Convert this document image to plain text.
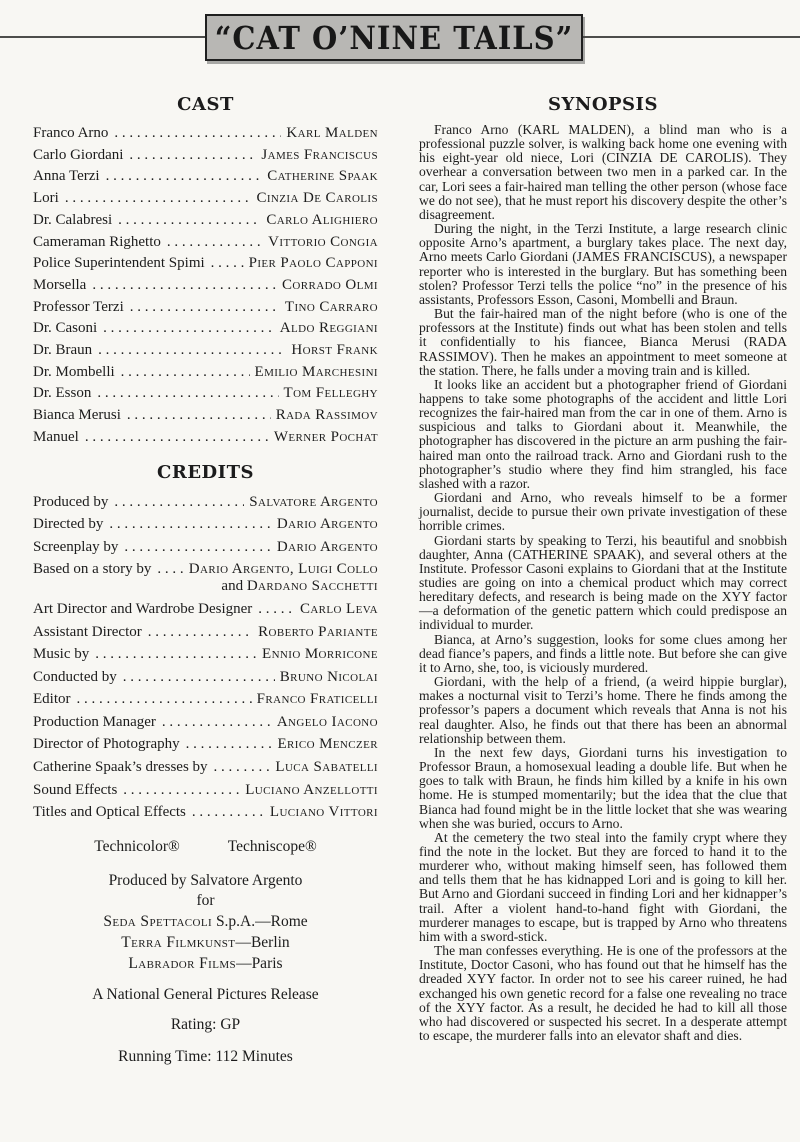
“CAT O’NINE TAILS”
CAST
Franco Arno . . .	Karl Malden
Carlo Giordani . . .	James Franciscus
Anna Terzi . . .	Catherine Spaak
Lori . . .	Cinzia De Carolis
Dr. Calabresi . . .	Carlo Alighiero
Cameraman Righetto . . .	Vittorio Congia
Police Superintendent Spimi . . .	Pier Paolo Capponi
Morsella . . .	Corrado Olmi
Professor Terzi . . .	Tino Carraro
Dr. Casoni . . .	Aldo Reggiani
Dr. Braun . . .	Horst Frank
Dr. Mombelli . . .	Emilio Marchesini
Dr. Esson . . .	Tom Felleghy
Bianca Merusi . . .	Rada Rassimov
Manuel . . .	Werner Pochat
CREDITS
Produced by . . .	Salvatore Argento
Directed by . . .	Dario Argento
Screenplay by . . .	Dario Argento
Based on a story by . . . Dario Argento, Luigi Collo
and Dardano Sacchetti
Art Director and Wardrobe Designer . . .	Carlo Leva
Assistant Director . . .	Roberto Pariante
Music by . . .	Ennio Morricone
Conducted by . . .	Bruno Nicolai
Editor . . .	Franco Fraticelli
Production Manager . . .	Angelo Iacono
Director of Photography . . .	Erico Menczer
Catherine Spaak’s dresses by . . .	Luca Sabatelli
Sound Effects . . .	Luciano Anzellotti
Titles and Optical Effects . . .	Luciano Vittori
Technicolor®	Techniscope®
Produced by Salvatore Argento
for
Seda Spettacoli S.p.A.—Rome
Terra Filmkunst—Berlin
Labrador Films—Paris
A National General Pictures Release
Rating: GP
Running Time: 112 Minutes
SYNOPSIS

Franco Arno (KARL MALDEN), a blind man who is a professional puzzle solver, is walking back home one evening with his eight-year old niece, Lori (CINZIA DE CAROLIS). They overhear a conversation between two men in a parked car. In the car, Lori sees a fair-haired man telling the other person (whose face we do not see), that he must report his discovery despite the other’s disagreement.

During the night, in the Terzi Institute, a large research clinic opposite Arno’s apartment, a burglary takes place. The next day, Arno meets Carlo Giordani (JAMES FRANCISCUS), a newspaper reporter who is interested in the burglary. But has something been stolen? Professor Terzi tells the police “no” in the presence of his assistants, Professors Esson, Casoni, Mombelli and Braun.

But the fair-haired man of the night before (who is one of the professors at the Institute) finds out what has been stolen and tells it confidentially to his fiancee, Bianca Merusi (RADA RASSIMOV). Then he makes an appointment to meet someone at the station. There, he falls under a moving train and is killed.

It looks like an accident but a photographer friend of Giordani happens to take some photographs of the accident and little Lori recognizes the fair-haired man from the car in one of them. Arno is suspicious and talks to Giordani about it. Meanwhile, the photographer has discovered in the picture an arm pushing the fair-haired man onto the railroad track. Arno and Giordani rush to the photographer’s studio where they find him strangled, his face slashed with a razor.

Giordani and Arno, who reveals himself to be a former journalist, decide to pursue their own private investigation of these horrible crimes.

Giordani starts by speaking to Terzi, his beautiful and snobbish daughter, Anna (CATHERINE SPAAK), and several others at the Institute. Professor Casoni explains to Giordani that at the Institute studies are going on into a chemical product which may correct hereditary defects, and research is being made on the XYY factor—a deformation of the genetic pattern which could predispose an individual to murder.

Bianca, at Arno’s suggestion, looks for some clues among her dead fiance’s papers, and finds a little note. But before she can give it to Arno, she, too, is viciously murdered.

Giordani, with the help of a friend, (a weird hippie burglar), makes a nocturnal visit to Terzi’s home. There he finds among the professor’s papers a document which reveals that Anna is not his real daughter. Also, he finds out that there has been an abnormal relationship between them.

In the next few days, Giordani turns his investigation to Professor Braun, a homosexual leading a double life. But when he goes to talk with Braun, he finds him killed by a knife in his own home. He is stumped momentarily; but the idea that the clue that Bianca had found might be in the little locket that she was wearing when she was buried, occurs to Arno.

At the cemetery the two steal into the family crypt where they find the note in the locket. But they are forced to hand it to the murderer who, without making himself seen, has followed them and tells them that he has kidnapped Lori and is going to kill her. But Arno and Giordani succeed in finding Lori and her kidnapper’s trail. After a violent hand-to-hand fight with Giordani, the murderer manages to escape, but is trapped by Arno who threatens him with a sword-stick.

The man confesses everything. He is one of the professors at the Institute, Doctor Casoni, who has found out that he himself has the dreaded XYY factor. In order not to see his career ruined, he had exchanged his own genetic record for a false one revealing no trace of the XYY factor. As a result, he decided he had to kill all those who had discovered or suspected his secret. In a desperate attempt to escape, the murderer falls into an elevator shaft and dies.
